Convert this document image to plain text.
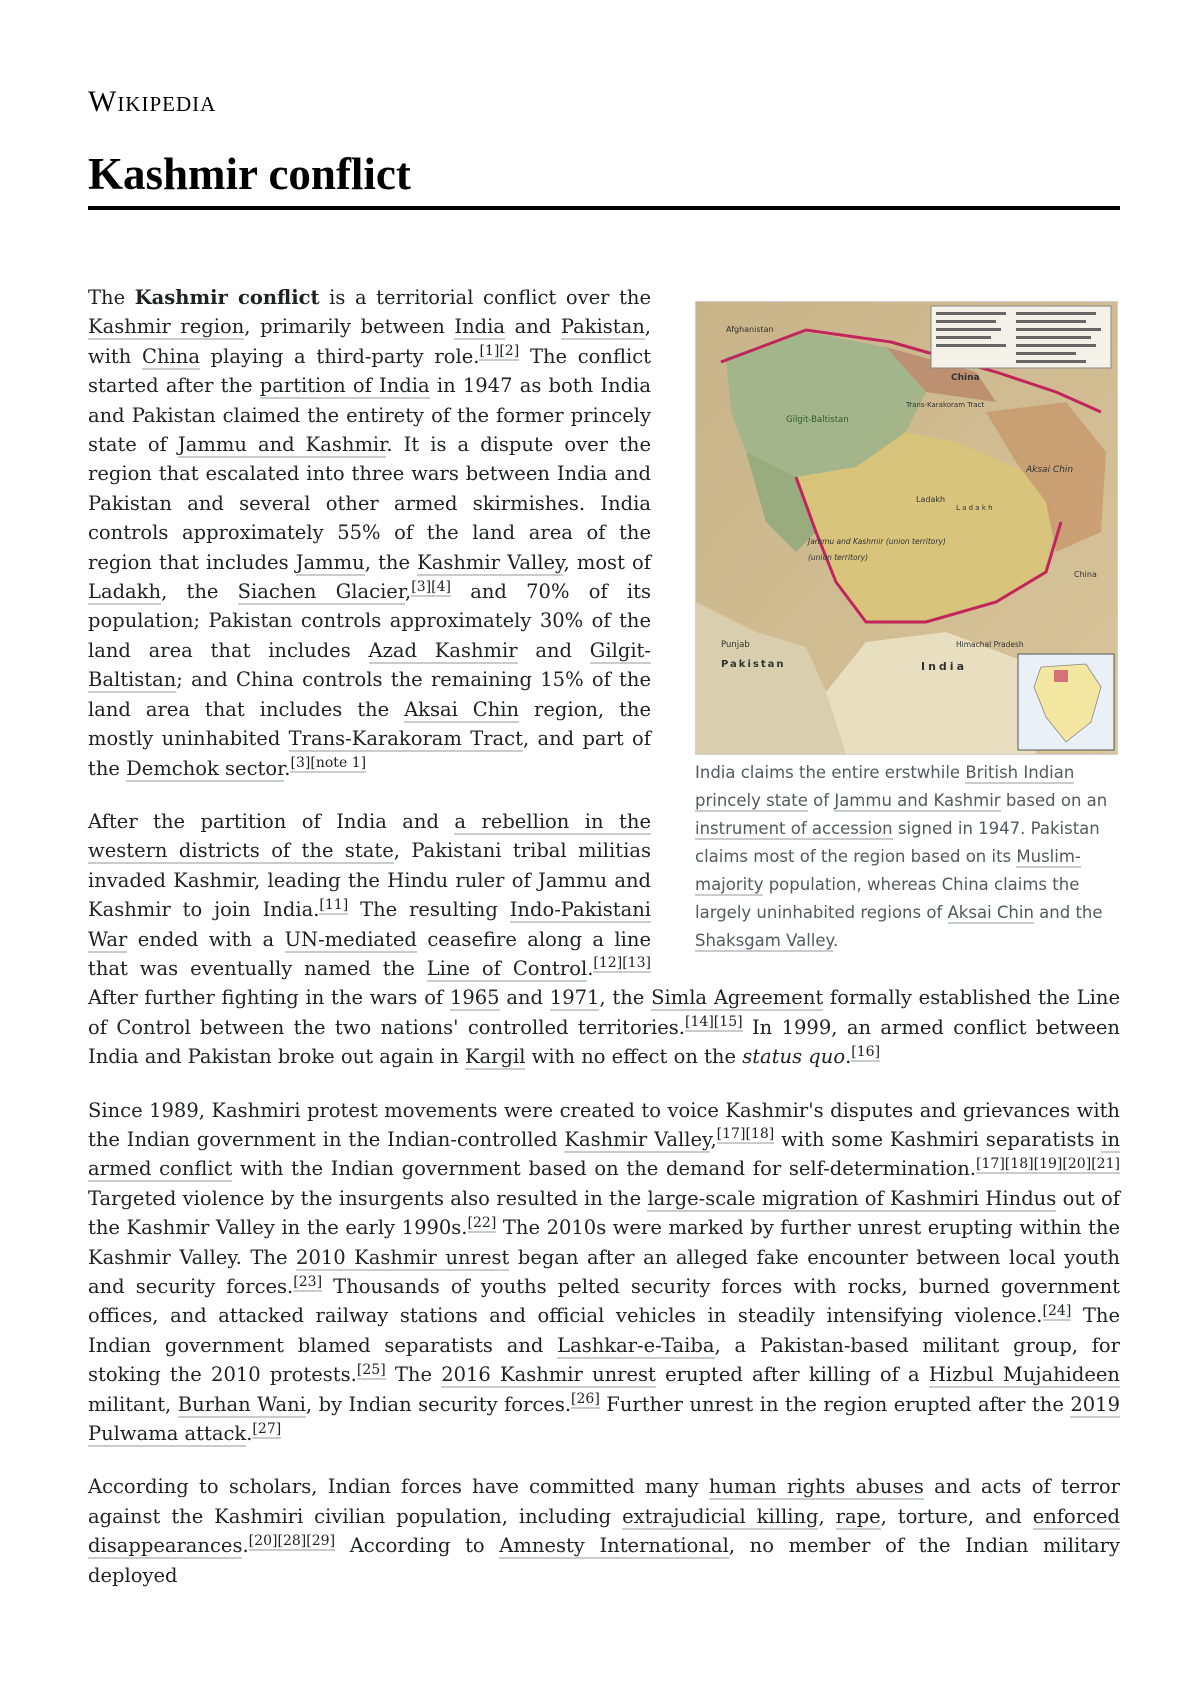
Wikipedia
Kashmir conflict
Afghanistan
China
Gilgit-Baltistan
Trans-Karakoram Tract
Aksai Chin
Ladakh
L a d a k h
Jammu and Kashmir (union territory)
(union territory)
China
Punjab	Himachal Pradesh
Pakistan	India
India claims the entire erstwhile British Indian princely state of Jammu and Kashmir based on an instrument of accession signed in 1947. Pakistan claims most of the region based on its Muslim-majority population, whereas China claims the largely uninhabited regions of Aksai Chin and the Shaksgam Valley.

The Kashmir conflict is a territorial conflict over the Kashmir region, primarily between India and Pakistan, with China playing a third-party role.[1][2] The conflict started after the partition of India in 1947 as both India and Pakistan claimed the entirety of the former princely state of Jammu and Kashmir. It is a dispute over the region that escalated into three wars between India and Pakistan and several other armed skirmishes. India controls approximately 55% of the land area of the region that includes Jammu, the Kashmir Valley, most of Ladakh, the Siachen Glacier,[3][4] and 70% of its population; Pakistan controls approximately 30% of the land area that includes Azad Kashmir and Gilgit-Baltistan; and China controls the remaining 15% of the land area that includes the Aksai Chin region, the mostly uninhabited Trans-Karakoram Tract, and part of the Demchok sector.[3][note 1]

After the partition of India and a rebellion in the western districts of the state, Pakistani tribal militias invaded Kashmir, leading the Hindu ruler of Jammu and Kashmir to join India.[11] The resulting Indo-Pakistani War ended with a UN-mediated ceasefire along a line that was eventually named the Line of Control.[12][13] After further fighting in the wars of 1965 and 1971, the Simla Agreement formally established the Line of Control between the two nations' controlled territories.[14][15] In 1999, an armed conflict between India and Pakistan broke out again in Kargil with no effect on the status quo.[16]

Since 1989, Kashmiri protest movements were created to voice Kashmir's disputes and grievances with the Indian government in the Indian-controlled Kashmir Valley,[17][18] with some Kashmiri separatists in armed conflict with the Indian government based on the demand for self-determination.[17][18][19][20][21] Targeted violence by the insurgents also resulted in the large-scale migration of Kashmiri Hindus out of the Kashmir Valley in the early 1990s.[22] The 2010s were marked by further unrest erupting within the Kashmir Valley. The 2010 Kashmir unrest began after an alleged fake encounter between local youth and security forces.[23] Thousands of youths pelted security forces with rocks, burned government offices, and attacked railway stations and official vehicles in steadily intensifying violence.[24] The Indian government blamed separatists and Lashkar-e-Taiba, a Pakistan-based militant group, for stoking the 2010 protests.[25] The 2016 Kashmir unrest erupted after killing of a Hizbul Mujahideen militant, Burhan Wani, by Indian security forces.[26] Further unrest in the region erupted after the 2019 Pulwama attack.[27]

According to scholars, Indian forces have committed many human rights abuses and acts of terror against the Kashmiri civilian population, including extrajudicial killing, rape, torture, and enforced disappearances.[20][28][29] According to Amnesty International, no member of the Indian military deployed
